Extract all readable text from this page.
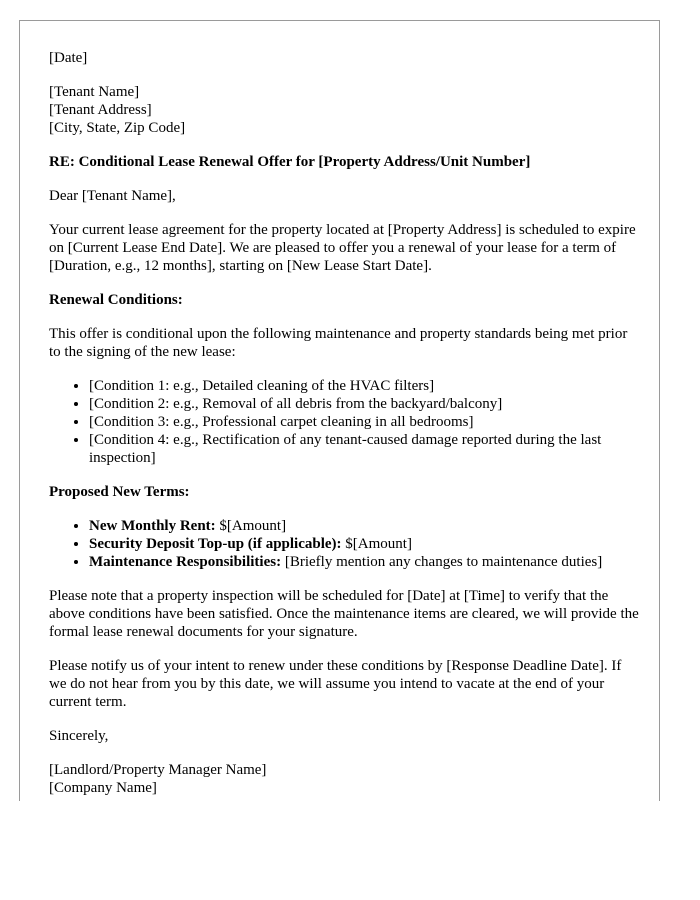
[Date]

[Tenant Name]
[Tenant Address]
[City, State, Zip Code]

RE: Conditional Lease Renewal Offer for [Property Address/Unit Number]

Dear [Tenant Name],

Your current lease agreement for the property located at [Property Address] is scheduled to expire on [Current Lease End Date]. We are pleased to offer you a renewal of your lease for a term of [Duration, e.g., 12 months], starting on [New Lease Start Date].

Renewal Conditions:

This offer is conditional upon the following maintenance and property standards being met prior to the signing of the new lease:

• [Condition 1: e.g., Detailed cleaning of the HVAC filters]
• [Condition 2: e.g., Removal of all debris from the backyard/balcony]
• [Condition 3: e.g., Professional carpet cleaning in all bedrooms]
• [Condition 4: e.g., Rectification of any tenant-caused damage reported during the last inspection]

Proposed New Terms:

• New Monthly Rent: $[Amount]
• Security Deposit Top-up (if applicable): $[Amount]
• Maintenance Responsibilities: [Briefly mention any changes to maintenance duties]

Please note that a property inspection will be scheduled for [Date] at [Time] to verify that the above conditions have been satisfied. Once the maintenance items are cleared, we will provide the formal lease renewal documents for your signature.

Please notify us of your intent to renew under these conditions by [Response Deadline Date]. If we do not hear from you by this date, we will assume you intend to vacate at the end of your current term.

Sincerely,

[Landlord/Property Manager Name]
[Company Name]
